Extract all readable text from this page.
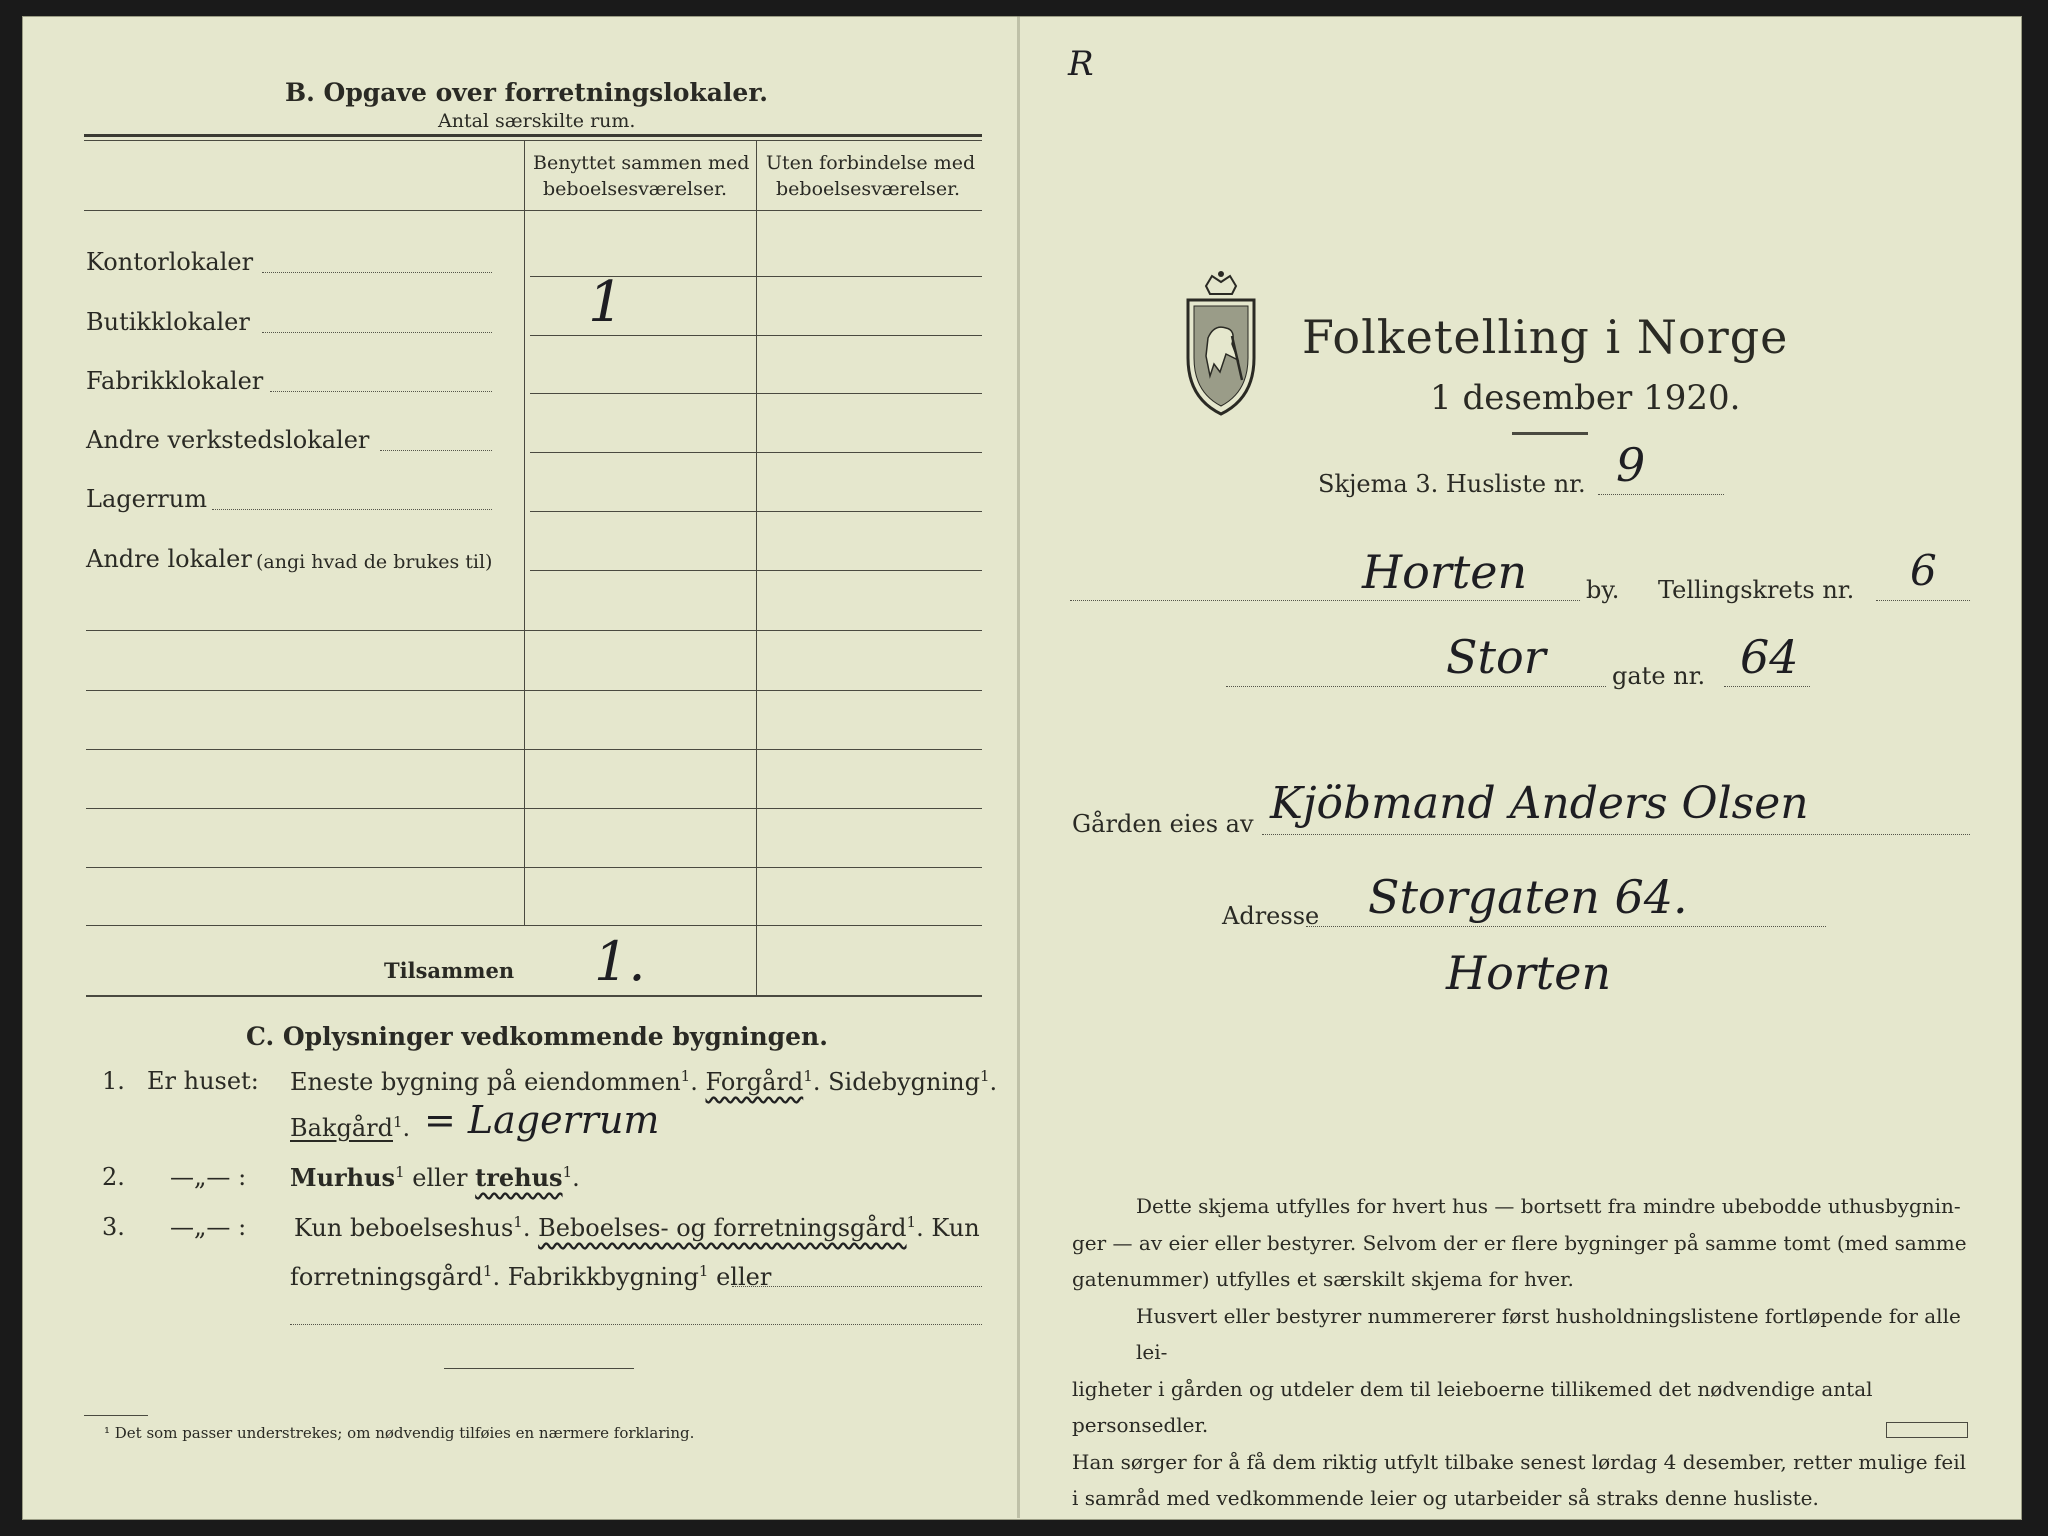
B. Opgave over forretningslokaler.
Antal særskilte rum.
Benyttet sammen med
beboelsesværelser.
Uten forbindelse med
beboelsesværelser.
Kontorlokaler
Butikklokaler
Fabrikklokaler
Andre verkstedslokaler
Lagerrum
Andre lokaler (angi hvad de brukes til)
1
Tilsammen 1.
C. Oplysninger vedkommende bygningen.
1. Er huset: Eneste bygning på eiendommen$^1$. Forgård$^1$. Sidebygning$^1$.
Bakgård$^1$. = Lagerrum
2. —„— : Murhus$^1$ eller trehus$^1$.
3. —„— : Kun beboelseshus$^1$. Beboelses- og forretningsgård$^1$. Kun
forretningsgård$^1$. Fabrikkbygning$^1$ eller
¹ Det som passer understrekes; om nødvendig tilføies en nærmere forklaring.
R
Folketelling i Norge
1 desember 1920.
Skjema 3. Husliste nr. 9
Horten by. Tellingskrets nr. 6
Stor	gate nr. 64
Gården eies av Kjöbmand Anders Olsen
Adresse Storgaten 64.
Horten
Dette skjema utfylles for hvert hus — bortsett fra mindre ubebodde uthusbygnin-
ger — av eier eller bestyrer. Selvom der er flere bygninger på samme tomt (med samme
gatenummer) utfylles et særskilt skjema for hver.
Husvert eller bestyrer nummererer først husholdningslistene fortløpende for alle lei-
ligheter i gården og utdeler dem til leieboerne tillikemed det nødvendige antal personsedler.
Han sørger for å få dem riktig utfylt tilbake senest lørdag 4 desember, retter mulige feil
i samråd med vedkommende leier og utarbeider så straks denne husliste.
